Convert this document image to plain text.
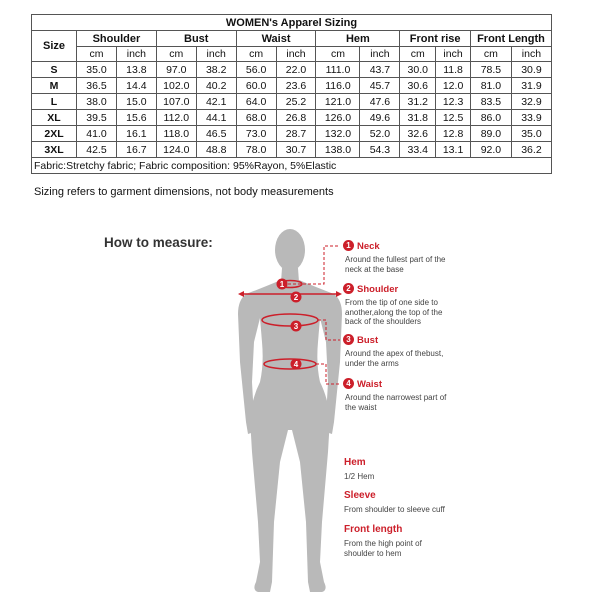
WOMEN's Apparel Sizing												
Size	Shoulder		Bust		Waist		Hem		Front rise		Front Length	
	cm	inch	cm	inch	cm	inch	cm	inch	cm	inch	cm	inch
S	35.0	13.8	97.0	38.2	56.0	22.0	111.0	43.7	30.0	11.8	78.5	30.9
M	36.5	14.4	102.0	40.2	60.0	23.6	116.0	45.7	30.6	12.0	81.0	31.9
L	38.0	15.0	107.0	42.1	64.0	25.2	121.0	47.6	31.2	12.3	83.5	32.9
XL	39.5	15.6	112.0	44.1	68.0	26.8	126.0	49.6	31.8	12.5	86.0	33.9
2XL	41.0	16.1	118.0	46.5	73.0	28.7	132.0	52.0	32.6	12.8	89.0	35.0
3XL	42.5	16.7	124.0	48.8	78.0	30.7	138.0	54.3	33.4	13.1	92.0	36.2
Fabric:Stretchy fabric; Fabric composition: 95%Rayon, 5%Elastic												
Sizing refers to garment dimensions, not body measurements
How to measure:
1
2
3
4
1 Neck
Around the fullest part of the
neck at the base
2 Shoulder
From the tip of one side to
another,along the top of the
back of the shoulders
3 Bust
Around the apex of thebust,
under the arms
4 Waist
Around the narrowest part of
the waist
Hem
1/2 Hem
Sleeve
From shoulder to sleeve cuff
Front length
From the high point of
shoulder to hem
